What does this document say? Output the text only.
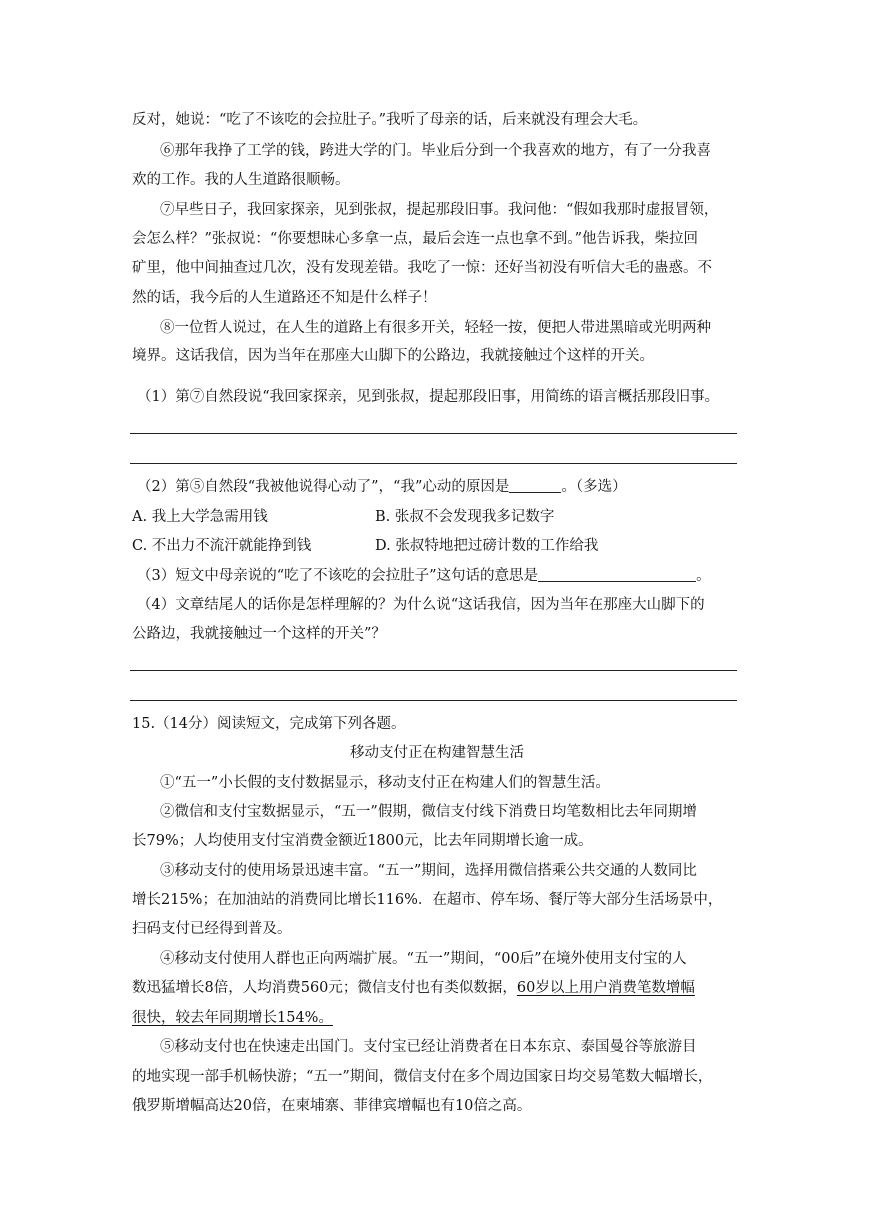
反对，她说：“吃了不该吃的会拉肚子。”我听了母亲的话，后来就没有理会大毛。
⑥那年我挣了工学的钱，跨进大学的门。毕业后分到一个我喜欢的地方，有了一分我喜
欢的工作。我的人生道路很顺畅。
⑦早些日子，我回家探亲，见到张叔，提起那段旧事。我问他：“假如我那时虚报冒领，
会怎么样？”张叔说：“你要想昧心多拿一点，最后会连一点也拿不到。”他告诉我，柴拉回
矿里，他中间抽查过几次，没有发现差错。我吃了一惊：还好当初没有听信大毛的蛊惑。不
然的话，我今后的人生道路还不知是什么样子！
⑧一位哲人说过，在人生的道路上有很多开关，轻轻一按，便把人带进黑暗或光明两种
境界。这话我信，因为当年在那座大山脚下的公路边，我就接触过个这样的开关。
（1）第⑦自然段说“我回家探亲，见到张叔，提起那段旧事，用简练的语言概括那段旧事。
（2）第⑤自然段“我被他说得心动了”，“我”心动的原因是	。（多选）
A. 我上大学急需用钱	B. 张叔不会发现我多记数字
C. 不出力不流汗就能挣到钱	D. 张叔特地把过磅计数的工作给我
（3）短文中母亲说的“吃了不该吃的会拉肚子”这句话的意思是	。
（4）文章结尾人的话你是怎样理解的？为什么说“这话我信，因为当年在那座大山脚下的
公路边，我就接触过一个这样的开关”？
15.（14分）阅读短文，完成第下列各题。
移动支付正在构建智慧生活
①“五一”小长假的支付数据显示，移动支付正在构建人们的智慧生活。
②微信和支付宝数据显示，“五一”假期，微信支付线下消费日均笔数相比去年同期增
长79%；人均使用支付宝消费金额近1800元，比去年同期增长逾一成。
③移动支付的使用场景迅速丰富。“五一”期间，选择用微信搭乘公共交通的人数同比
增长215%；在加油站的消费同比增长116%．在超市、停车场、餐厅等大部分生活场景中，
扫码支付已经得到普及。
④移动支付使用人群也正向两端扩展。“五一”期间，“00后”在境外使用支付宝的人
数迅猛增长8倍，人均消费560元；微信支付也有类似数据，60岁以上用户消费笔数增幅
很快，较去年同期增长154%。
⑤移动支付也在快速走出国门。支付宝已经让消费者在日本东京、泰国曼谷等旅游目
的地实现一部手机畅快游；“五一”期间，微信支付在多个周边国家日均交易笔数大幅增长，
俄罗斯增幅高达20倍，在柬埔寨、菲律宾增幅也有10倍之高。
